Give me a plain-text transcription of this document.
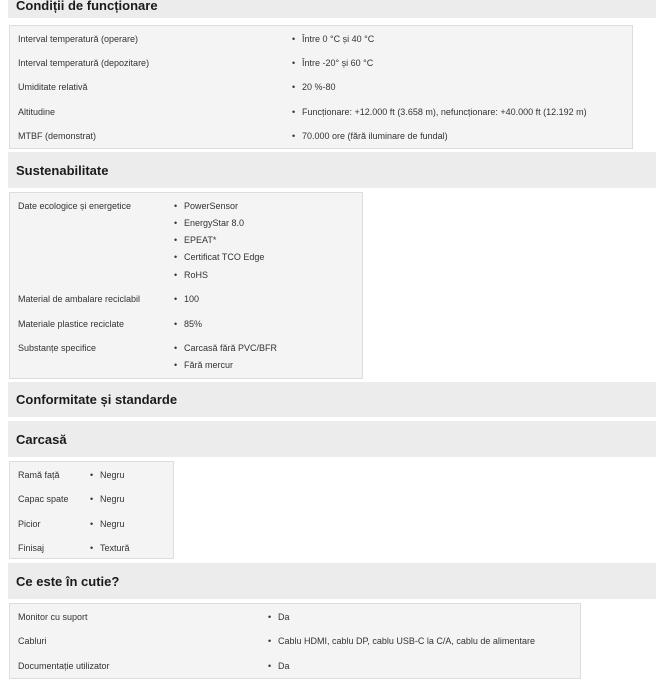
Condiții de funcționare
Interval temperatură (operare)	• Între 0 °C și 40 °C
Interval temperatură (depozitare)	• Între -20° și 60 °C
Umiditate relativă	• 20 %-80
Altitudine	• Funcționare: +12.000 ft (3.658 m), nefuncționare: +40.000 ft (12.192 m)
MTBF (demonstrat)	• 70.000 ore (fără iluminare de fundal)
Sustenabilitate
Date ecologice și energetice	• PowerSensor
• EnergyStar 8.0
• EPEAT*
• Certificat TCO Edge
• RoHS
Material de ambalare reciclabil	• 100
Materiale plastice reciclate	• 85%
Substanțe specifice	• Carcasă fără PVC/BFR
• Fără mercur
Conformitate și standarde
Carcasă
Ramă față	• Negru
Capac spate • Negru
Picior	• Negru
Finisaj	• Textură
Ce este în cutie?
Monitor cu suport	• Da
Cabluri	• Cablu HDMI, cablu DP, cablu USB-C la C/A, cablu de alimentare
Documentație utilizator	• Da
